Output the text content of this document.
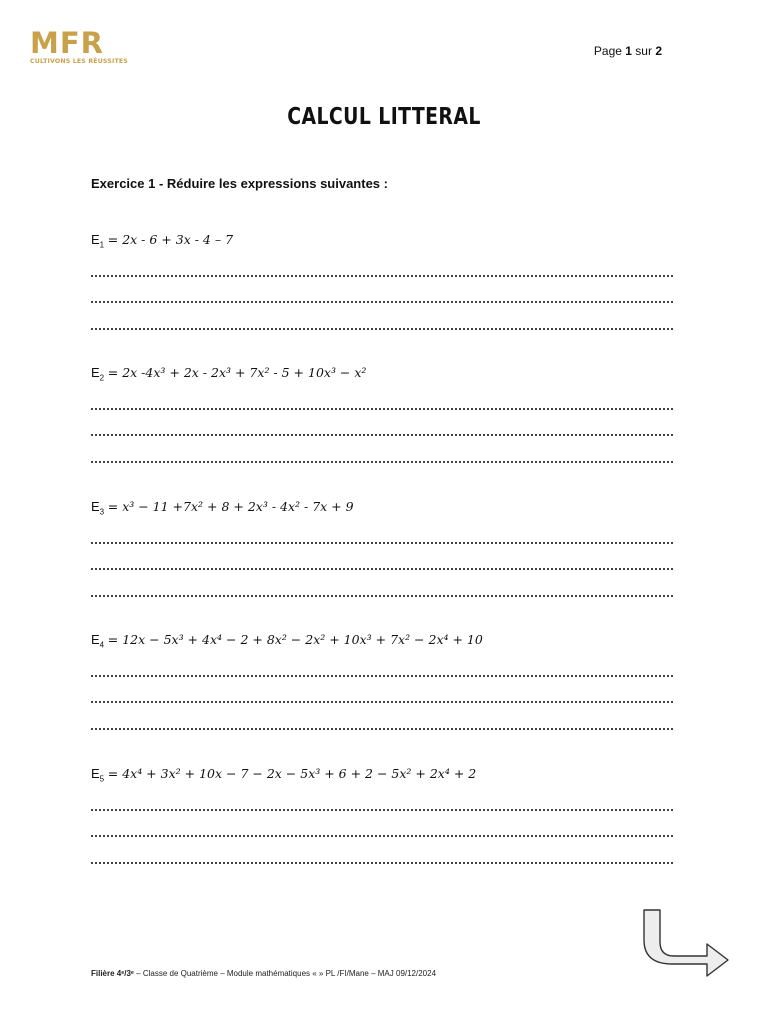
MFR
CULTIVONS LES RÉUSSITES
Page 1 sur 2
CALCUL LITTERAL
Exercice 1 - Réduire les expressions suivantes :
$E_1 = 2x - 6 + 3x - 4 - 7$
$E_2 = 2x$ -4x³ + 2x - 2x³ + 7x² - 5 + 10x³ − x²
$E_3 = x^3 - 11 +7x^2 + 8 + 2x^3 - 4x^2 - 7x + 9$
$E_4 = 12x - 5x^3 + 4x^4 - 2 + 8x^2 - 2x^2 + 10x^3 + 7x^2 - 2x^4 + 10$
$E_5 = 4x^4 + 3x^2 + 10x - 7 - 2x - 5x^3 + 6 + 2 - 5x^2 + 2x^4 + 2$
Filière 4ᵉ/3ᵉ – Classe de Quatrième – Module mathématiques « » PL /FI/Mane – MAJ 09/12/2024
